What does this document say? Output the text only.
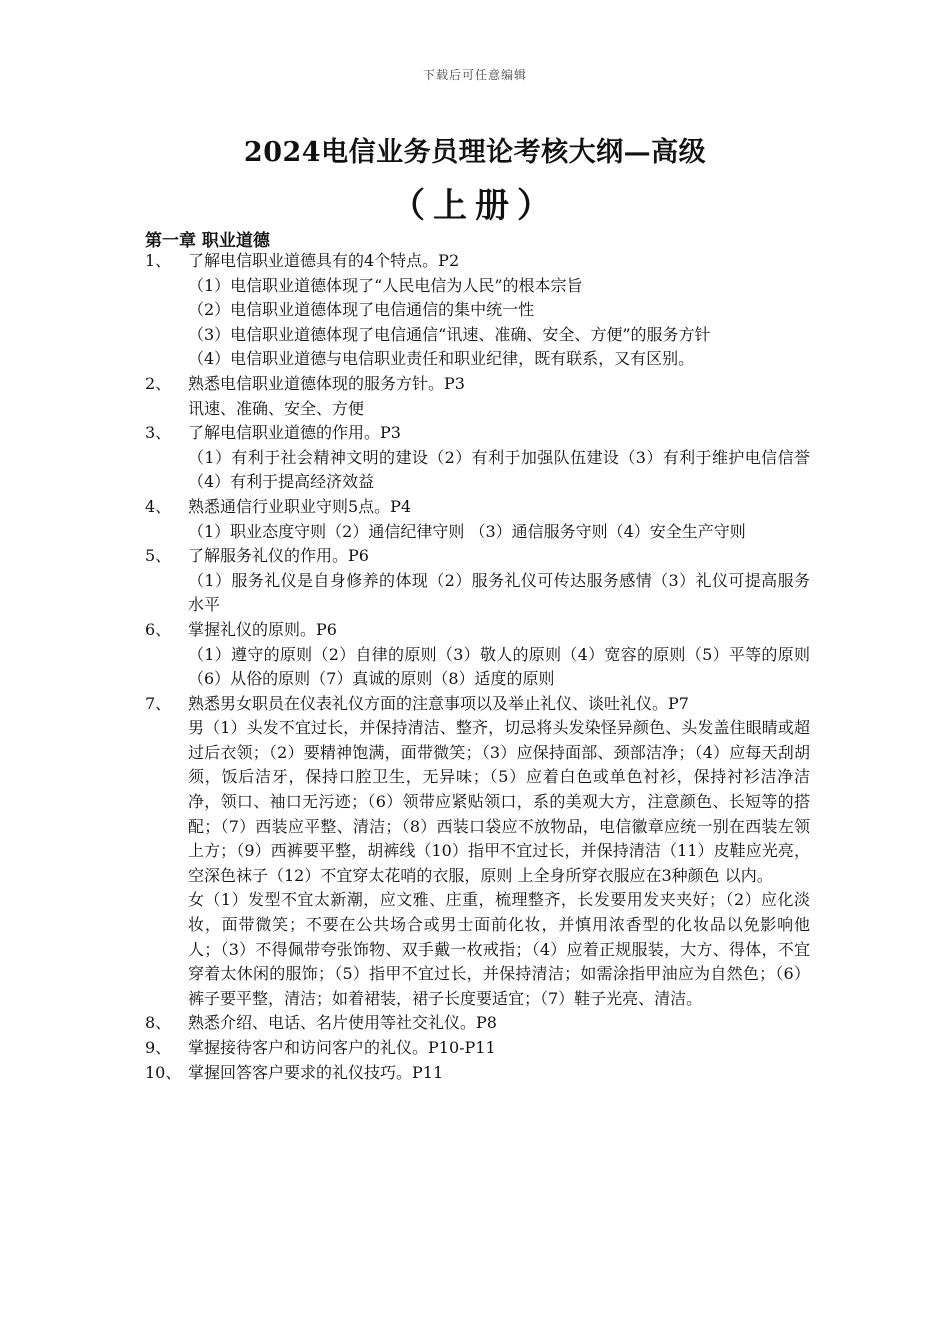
下载后可任意编辑
2024电信业务员理论考核大纲—高级
（上册）
第一章 职业道德
1、	了解电信职业道德具有的4个特点。P2
（1）电信职业道德体现了“人民电信为人民”的根本宗旨
（2）电信职业道德体现了电信通信的集中统一性
（3）电信职业道德体现了电信通信“讯速、准确、安全、方便”的服务方针
（4）电信职业道德与电信职业责任和职业纪律，既有联系，又有区别。
2、	熟悉电信职业道德体现的服务方针。P3
讯速、准确、安全、方便
3、	了解电信职业道德的作用。P3
（1）有利于社会精神文明的建设（2）有利于加强队伍建设（3）有利于维护电信信誉（4）有利于提高经济效益
4、	熟悉通信行业职业守则5点。P4
（1）职业态度守则（2）通信纪律守则 （3）通信服务守则（4）安全生产守则
5、	了解服务礼仪的作用。P6
（1）服务礼仪是自身修养的体现（2）服务礼仪可传达服务感情（3）礼仪可提高服务水平
6、	掌握礼仪的原则。P6
（1）遵守的原则（2）自律的原则（3）敬人的原则（4）宽容的原则（5）平等的原则（6）从俗的原则（7）真诚的原则（8）适度的原则
7、	熟悉男女职员在仪表礼仪方面的注意事项以及举止礼仪、谈吐礼仪。P7
男（1）头发不宜过长，并保持清洁、整齐，切忌将头发染怪异颜色、头发盖住眼睛或超过后衣领；（2）要精神饱满，面带微笑；（3）应保持面部、颈部洁净；（4）应每天刮胡须，饭后洁牙，保持口腔卫生，无异味；（5）应着白色或单色衬衫，保持衬衫洁净洁净，领口、袖口无污迹；（6）领带应紧贴领口，系的美观大方，注意颜色、长短等的搭配；（7）西装应平整、清洁；（8）西装口袋应不放物品，电信徽章应统一别在西装左领上方；（9）西裤要平整，胡裤线（10）指甲不宜过长，并保持清洁（11）皮鞋应光亮，空深色袜子（12）不宜穿太花哨的衣服，原则 上全身所穿衣服应在3种颜色 以内。
女（1）发型不宜太新潮，应文雅、庄重，梳理整齐，长发要用发夹夹好；（2）应化淡妆，面带微笑；不要在公共场合或男士面前化妆，并慎用浓香型的化妆品以免影响他人；（3）不得佩带夸张饰物、双手戴一枚戒指；（4）应着正规服装，大方、得体，不宜穿着太休闲的服饰；（5）指甲不宜过长，并保持清洁；如需涂指甲油应为自然色；（6）裤子要平整，清洁；如着裙装，裙子长度要适宜；（7）鞋子光亮、清洁。
8、	熟悉介绍、电话、名片使用等社交礼仪。P8
9、	掌握接待客户和访问客户的礼仪。P10-P11
10、 掌握回答客户要求的礼仪技巧。P11
